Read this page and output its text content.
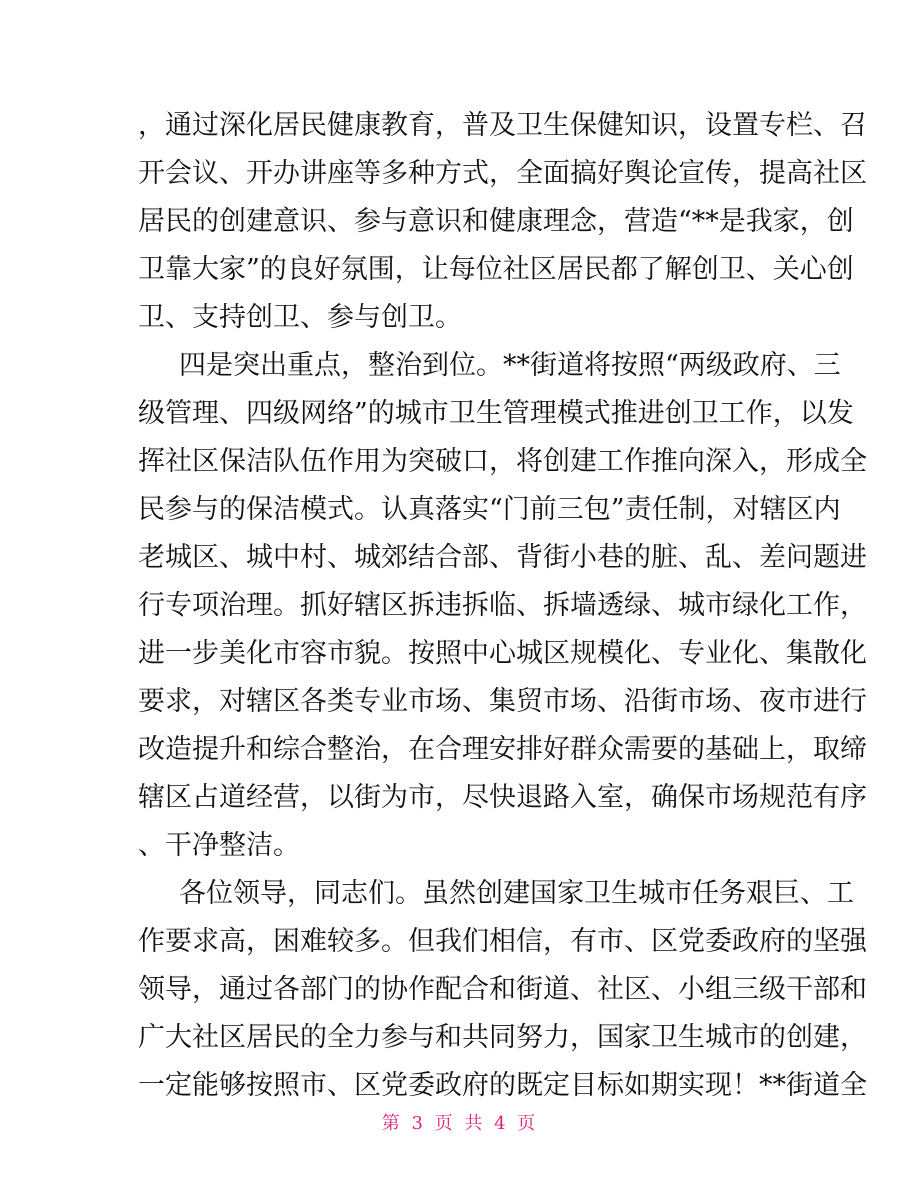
，通过深化居民健康教育，普及卫生保健知识，设置专栏、召
开会议、开办讲座等多种方式，全面搞好舆论宣传，提高社区
居民的创建意识、参与意识和健康理念，营造“**是我家，创
卫靠大家”的良好氛围，让每位社区居民都了解创卫、关心创
卫、支持创卫、参与创卫。
四是突出重点，整治到位。**街道将按照“两级政府、三
级管理、四级网络”的城市卫生管理模式推进创卫工作，以发
挥社区保洁队伍作用为突破口，将创建工作推向深入，形成全
民参与的保洁模式。认真落实“门前三包”责任制，对辖区内
老城区、城中村、城郊结合部、背街小巷的脏、乱、差问题进
行专项治理。抓好辖区拆违拆临、拆墙透绿、城市绿化工作，
进一步美化市容市貌。按照中心城区规模化、专业化、集散化
要求，对辖区各类专业市场、集贸市场、沿街市场、夜市进行
改造提升和综合整治，在合理安排好群众需要的基础上，取缔
辖区占道经营，以街为市，尽快退路入室，确保市场规范有序
、干净整洁。
各位领导，同志们。虽然创建国家卫生城市任务艰巨、工
作要求高，困难较多。但我们相信，有市、区党委政府的坚强
领导，通过各部门的协作配合和街道、社区、小组三级干部和
广大社区居民的全力参与和共同努力，国家卫生城市的创建，
一定能够按照市、区党委政府的既定目标如期实现！**街道全
第 3 页 共 4 页
